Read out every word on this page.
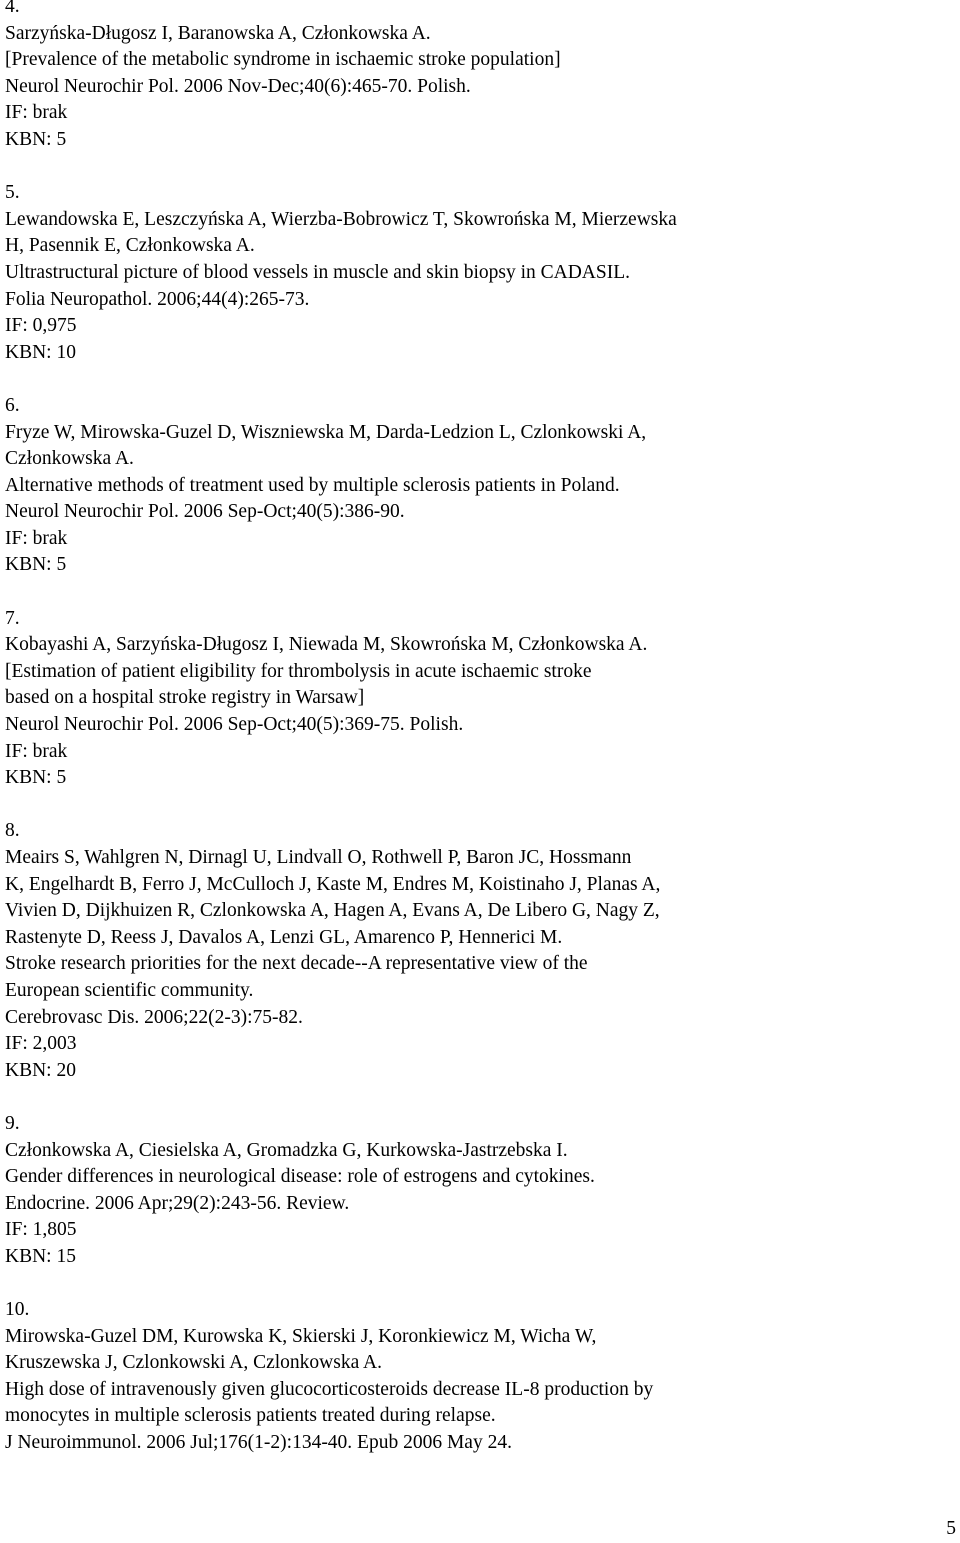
4.
Sarzyńska-Długosz I, Baranowska A, Członkowska A.
[Prevalence of the metabolic syndrome in ischaemic stroke population]
Neurol Neurochir Pol. 2006 Nov-Dec;40(6):465-70. Polish.
IF: brak
KBN: 5
5.
Lewandowska E, Leszczyńska A, Wierzba-Bobrowicz T, Skowrońska M, Mierzewska
H, Pasennik E, Członkowska A.
Ultrastructural picture of blood vessels in muscle and skin biopsy in CADASIL.
Folia Neuropathol. 2006;44(4):265-73.
IF: 0,975
KBN: 10
6.
Fryze W, Mirowska-Guzel D, Wiszniewska M, Darda-Ledzion L, Czlonkowski A,
Członkowska A.
Alternative methods of treatment used by multiple sclerosis patients in Poland.
Neurol Neurochir Pol. 2006 Sep-Oct;40(5):386-90.
IF: brak
KBN: 5
7.
Kobayashi A, Sarzyńska-Długosz I, Niewada M, Skowrońska M, Członkowska A.
[Estimation of patient eligibility for thrombolysis in acute ischaemic stroke
based on a hospital stroke registry in Warsaw]
Neurol Neurochir Pol. 2006 Sep-Oct;40(5):369-75. Polish.
IF: brak
KBN: 5
8.
Meairs S, Wahlgren N, Dirnagl U, Lindvall O, Rothwell P, Baron JC, Hossmann
K, Engelhardt B, Ferro J, McCulloch J, Kaste M, Endres M, Koistinaho J, Planas A,
Vivien D, Dijkhuizen R, Czlonkowska A, Hagen A, Evans A, De Libero G, Nagy Z,
Rastenyte D, Reess J, Davalos A, Lenzi GL, Amarenco P, Hennerici M.
Stroke research priorities for the next decade--A representative view of the
European scientific community.
Cerebrovasc Dis. 2006;22(2-3):75-82.
IF: 2,003
KBN: 20
9.
Członkowska A, Ciesielska A, Gromadzka G, Kurkowska-Jastrzebska I.
Gender differences in neurological disease: role of estrogens and cytokines.
Endocrine. 2006 Apr;29(2):243-56. Review.
IF: 1,805
KBN: 15
10.
Mirowska-Guzel DM, Kurowska K, Skierski J, Koronkiewicz M, Wicha W,
Kruszewska J, Czlonkowski A, Czlonkowska A.
High dose of intravenously given glucocorticosteroids decrease IL-8 production by
monocytes in multiple sclerosis patients treated during relapse.
J Neuroimmunol. 2006 Jul;176(1-2):134-40. Epub 2006 May 24.
5
